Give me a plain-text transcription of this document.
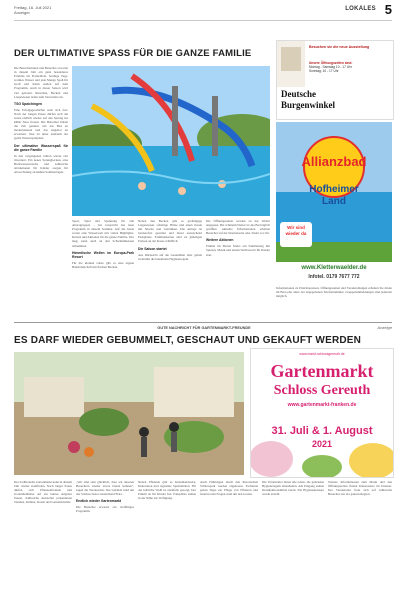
Freitag, 16. Juli 2021
Anzeiger
LOKALES 5
DER ULTIMATIVE SPASS FÜR DIE GANZE FAMILIE
Die Besucherinnen und Besucher erwartet in diesem Jahr ein ganz besonderes Erlebnis im Freizeitbad. Sonnige Tage, warmes Wasser und jede Menge Spaß für Groß und Klein stehen auf dem Programm. Auch in dieser Saison wird viel geboten: Rutschen, Becken und Liegewiesen laden zum Verweilen ein.
TSG Spaichingen
Eine Erfolgsgeschichte setzt sich fort: Nach der langen Pause dürfen sich die Gäste endlich wieder auf den Sprung ins kühle Nass freuen. Die Betreiber haben die Zeit genutzt, um das Bad zu modernisieren und das Angebot zu erweitern. Neu ist unter anderem der große Wasserspielplatz.
Der ultimative Wasserspaß für die ganze Familie
In den vergangenen Jahren wurde viel investiert. Ein neues Sprungbecken, eine Breitwasserrutsche und zahlreiche Attraktionen für Kinder sorgen für Abwechslung an heißen Sommertagen.
Sport, Spiel und Spannung für alle Altersgruppen – das verspricht das neue Programm in diesem Sommer. Auf die Gäste wartet eine Wasserwelt mit vielen Highlights, Kursen und Aktionen für die ganze Familie. Wer mag, kann auch an den Schwimmkursen teilnehmen.
Himmlische Wellen im Europa-Park Resort
Für die kleinen Gäste gibt es eine eigene Badelandschaft mit flachen Becken.
Neben den Becken gibt es großzügige Liegewiesen, schattige Plätze und einen Kiosk mit Snacks und Getränken. Die Anlage ist barrierefrei gestaltet und bietet ausreichend Parkplätze. Familienkarten sind zu günstigen Preisen an der Kasse erhältlich.
Die Saison startet
Aus Rücksicht auf die Gesundheit aller gelten weiterhin die bekannten Hygieneregeln.
Die Öffnungszeiten werden an das Wetter angepasst. Bei schönem Wetter ist das Bad täglich geöffnet. Aktuelle Informationen erhalten Besucher auf der Internetseite oder direkt vor Ort.
Weitere Aktionen
Einmal im Monat findet ein Familientag mit Spielen, Musik und einem Wettbewerb für Kinder statt.
Besuchen sie die neue Ausstellung
Unsere Öffnungszeiten sind:
Montag - Samstag 10 - 17 Uhr
Sonntag: 10 - 17 Uhr
Deutsche
Burgenwinkel
Allianzbad
Hofheimer
Land
Wir sind
wieder da
www.Kletterwaelder.de
Infotel. 0179 7677 772
Informationen zu Eintrittspreisen, Öffnungszeiten und Veranstaltungen erhalten Sie direkt im Bad oder unter der angegebenen Telefonnummer. Gruppenanmeldungen sind jederzeit möglich.
GUTE NACHRICHT FÜR GARTENMARKT-FREUNDE	Anzeige
ES DARF WIEDER GEBUMMELT, GESCHAUT UND GEKAUFT WERDEN
www.markt-schlossgereuth.de
Gartenmarkt
Schloss Gereuth
www.gartenmarkt-franken.de
31. Juli & 1. August
2021
Der traditionelle Gartenmarkt kann in diesem Jahr wieder stattfinden. Nach langer Pause dürfen sich Pflanzenfreunde und Gartenliebhaber auf ein buntes Angebot freuen. Zahlreiche Aussteller präsentieren Stauden, Kräuter, Rosen und Gartenzubehör.
„Wir sind sehr glücklich, dass wir unseren Besuchern wieder etwas bieten können", sagen die Veranstalter. Das Gelände rund um das Schloss bietet ausreichend Platz.
Endlich wieder Gartenmarkt
Die Besucher erwartet ein vielfältiges Programm.
Neben Pflanzen gibt es Kunsthandwerk, Dekoration und regionale Spezialitäten. Für das leibliche Wohl ist ebenfalls gesorgt. Der Eintritt ist für Kinder frei. Parkplätze stehen in der Nähe zur Verfügung.
Auch Führungen durch den historischen Schlosspark werden angeboten. Fachleute geben Tipps zur Pflege von Pflanzen und beantworten Fragen rund um den Garten.
Die Veranstalter bitten alle Gäste, die geltenden Hygieneregeln einzuhalten. Am Eingang stehen Desinfektionsmittel bereit. Ein Hygienekonzept wurde erstellt.
Weitere Informationen zum Markt und den Öffnungszeiten finden Interessierte im Internet. Der Veranstalter freut sich auf zahlreiche Besucher aus der ganzen Region.
